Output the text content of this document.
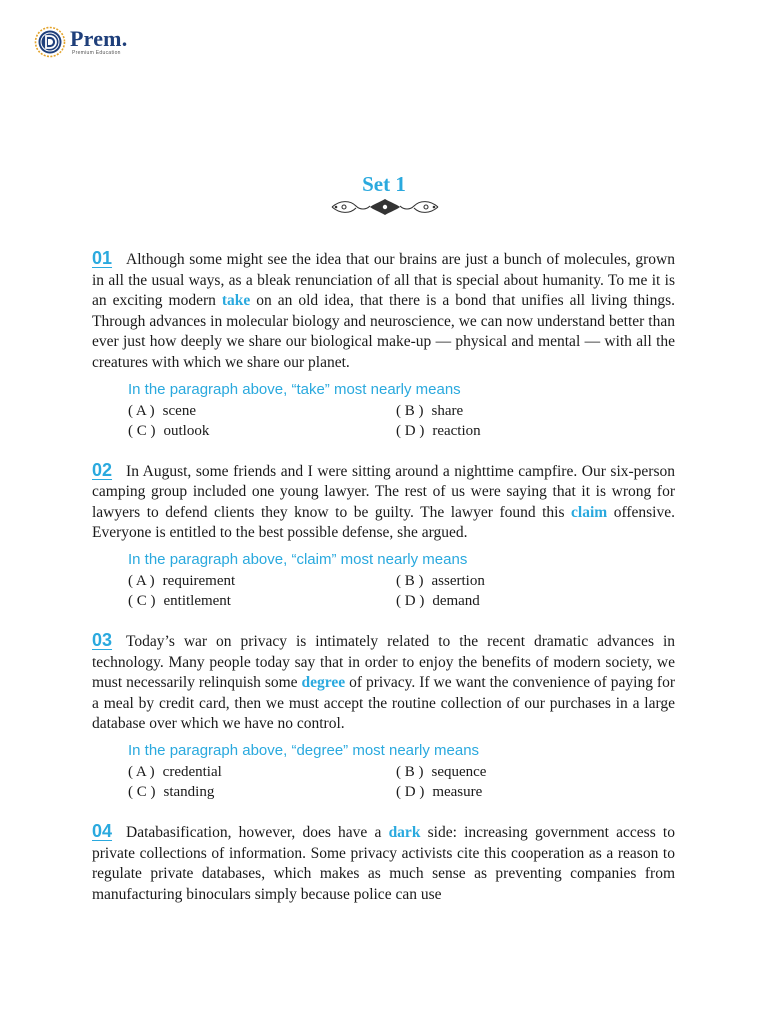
Prem.
Premium Education
Set 1

01 Although some might see the idea that our brains are just a bunch of molecules, grown in all the usual ways, as a bleak renunciation of all that is special about humanity. To me it is an exciting modern take on an old idea, that there is a bond that unifies all living things. Through advances in molecular biology and neuroscience, we can now understand better than ever just how deeply we share our biological make-up — physical and mental — with all the creatures with which we share our planet.

In the paragraph above, “take” most nearly means
( A ) scene	( B ) share
( C ) outlook	( D ) reaction

02 In August, some friends and I were sitting around a nighttime campfire. Our six-person camping group included one young lawyer. The rest of us were saying that it is wrong for lawyers to defend clients they know to be guilty. The lawyer found this claim offensive. Everyone is entitled to the best possible defense, she argued.

In the paragraph above, “claim” most nearly means
( A ) requirement	( B ) assertion
( C ) entitlement	( D ) demand

03 Today’s war on privacy is intimately related to the recent dramatic advances in technology. Many people today say that in order to enjoy the benefits of modern society, we must necessarily relinquish some degree of privacy. If we want the convenience of paying for a meal by credit card, then we must accept the routine collection of our purchases in a large database over which we have no control.

In the paragraph above, “degree” most nearly means
( A ) credential	( B ) sequence
( C ) standing	( D ) measure

04 Databasification, however, does have a dark side: increasing government access to private collections of information. Some privacy activists cite this cooperation as a reason to regulate private databases, which makes as much sense as preventing companies from manufacturing binoculars simply because police can use
